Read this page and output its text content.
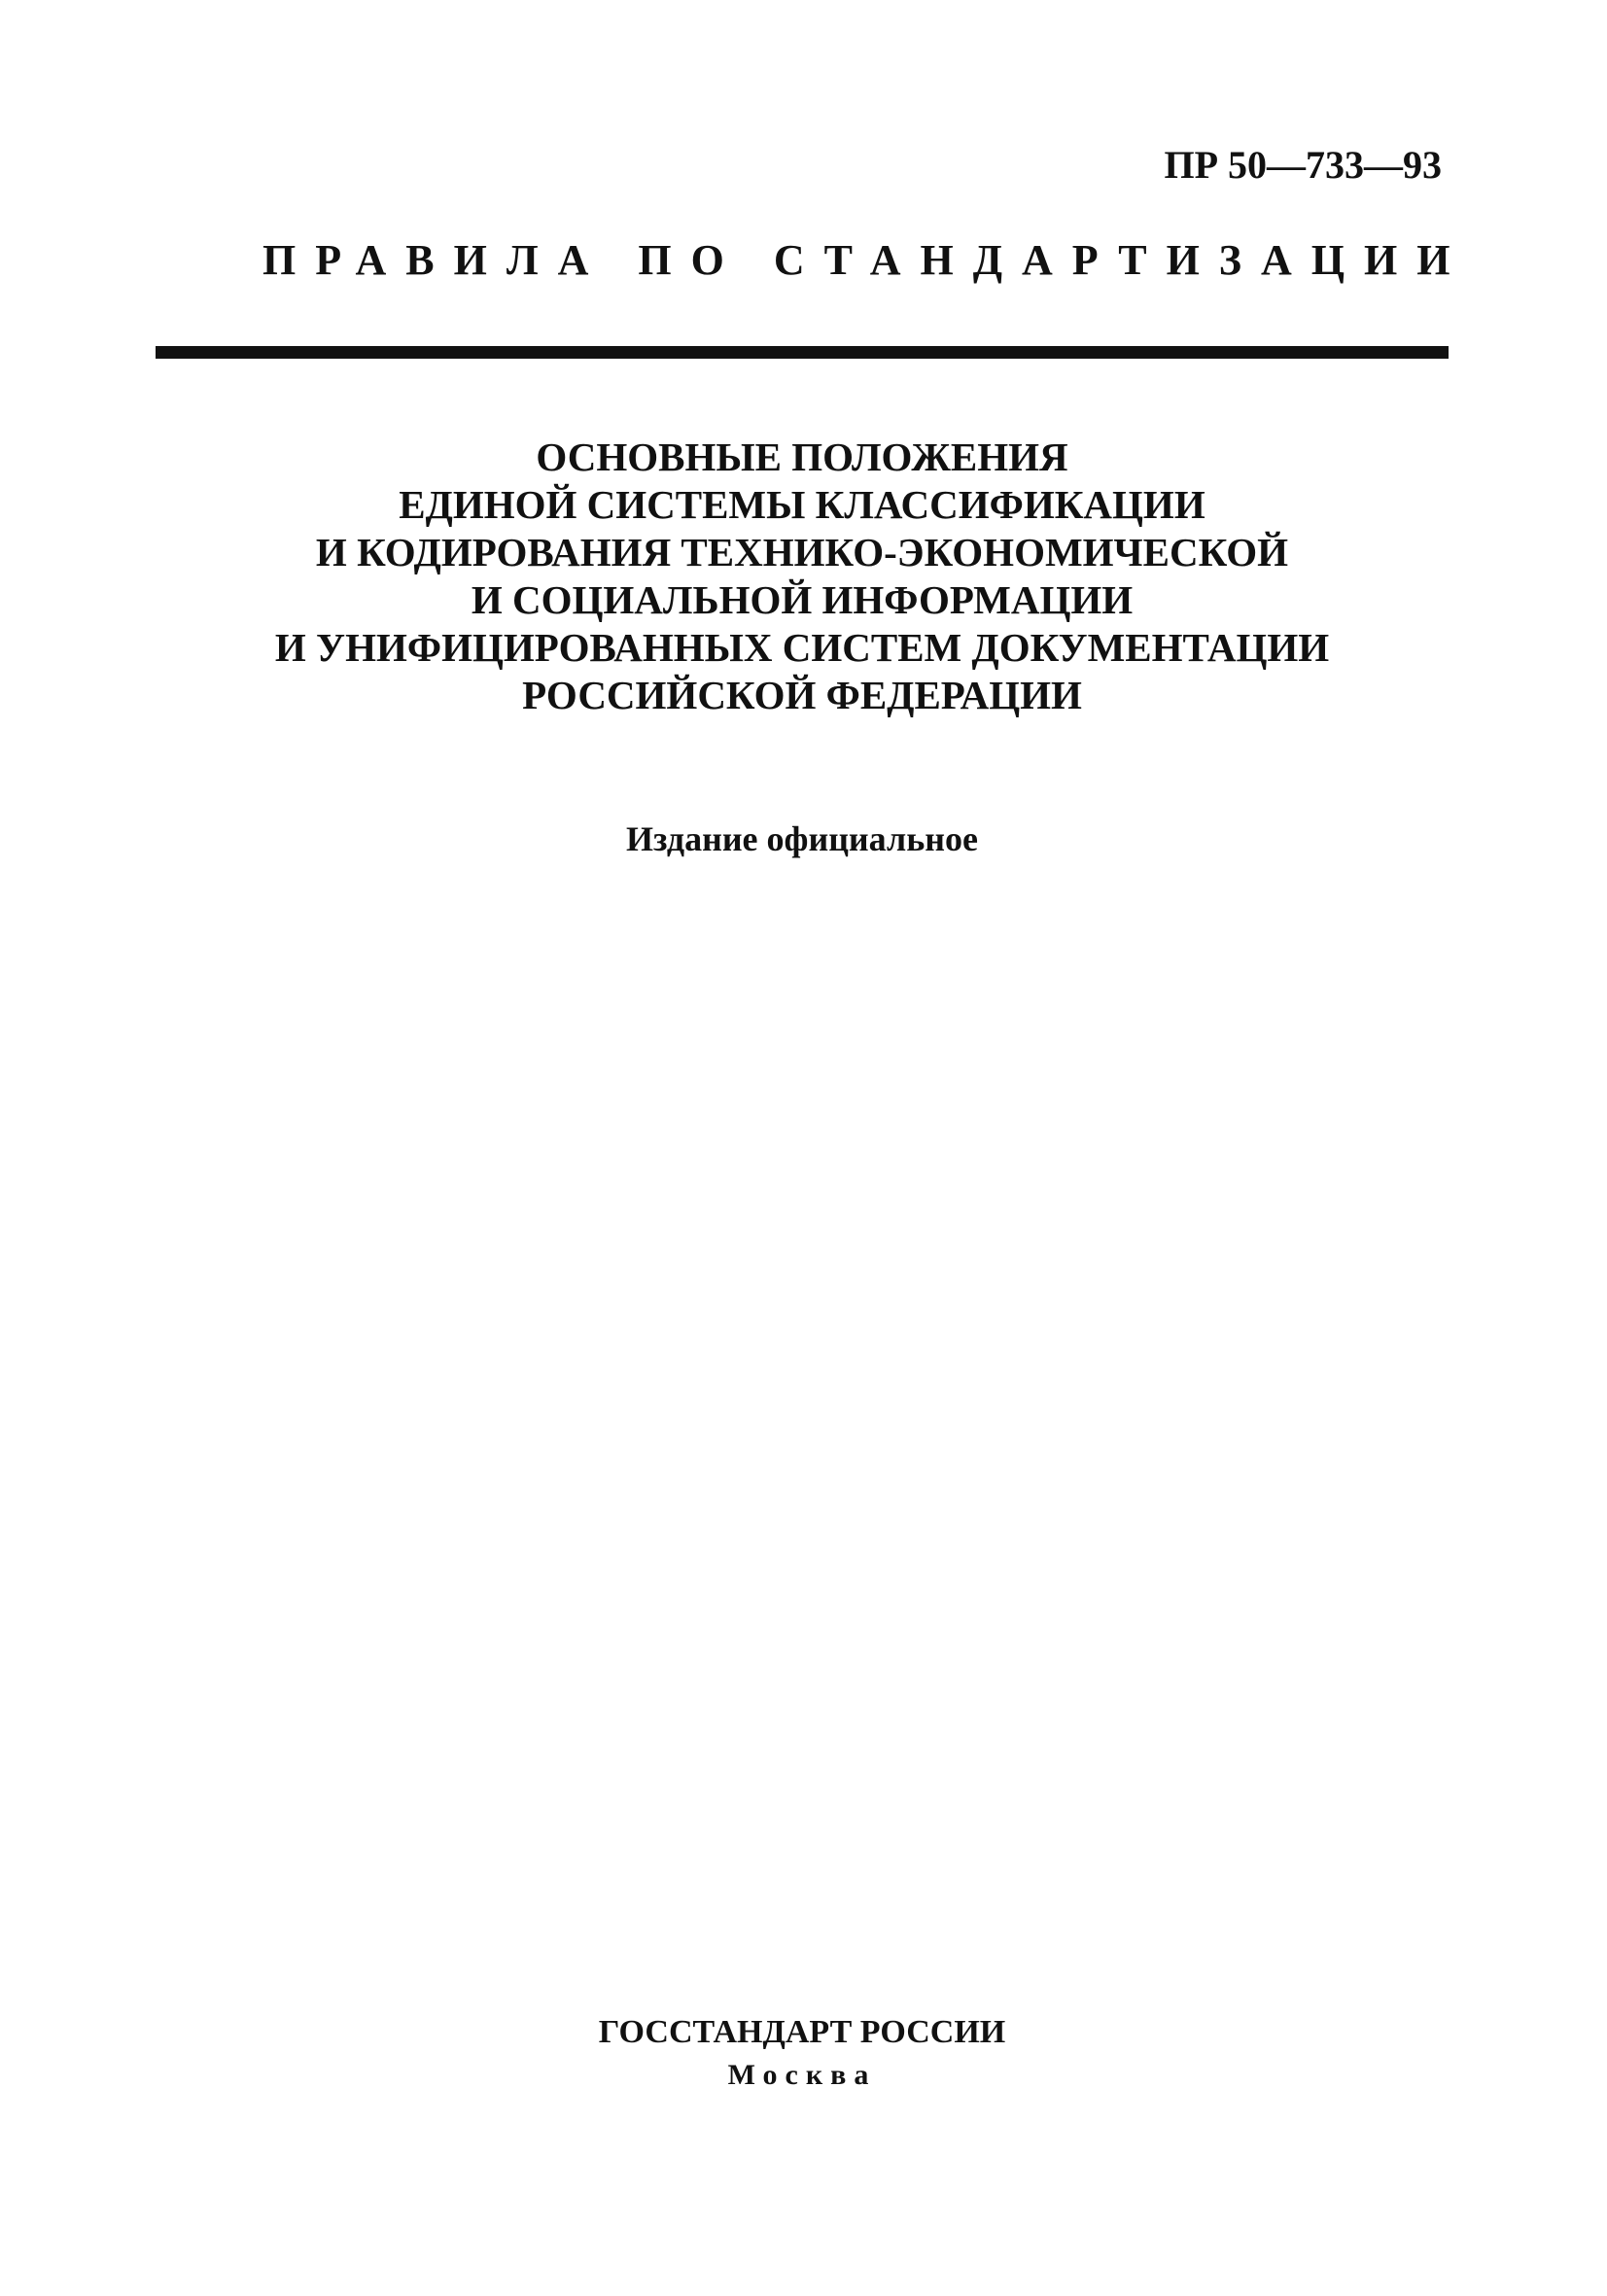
ПР 50—733—93
ПРАВИЛА ПО СТАНДАРТИЗАЦИИ
ОСНОВНЫЕ ПОЛОЖЕНИЯ
ЕДИНОЙ СИСТЕМЫ КЛАССИФИКАЦИИ
И КОДИРОВАНИЯ ТЕХНИКО-ЭКОНОМИЧЕСКОЙ
И СОЦИАЛЬНОЙ ИНФОРМАЦИИ
И УНИФИЦИРОВАННЫХ СИСТЕМ ДОКУМЕНТАЦИИ
РОССИЙСКОЙ ФЕДЕРАЦИИ
Издание официальное
ГОССТАНДАРТ РОССИИ
Москва
